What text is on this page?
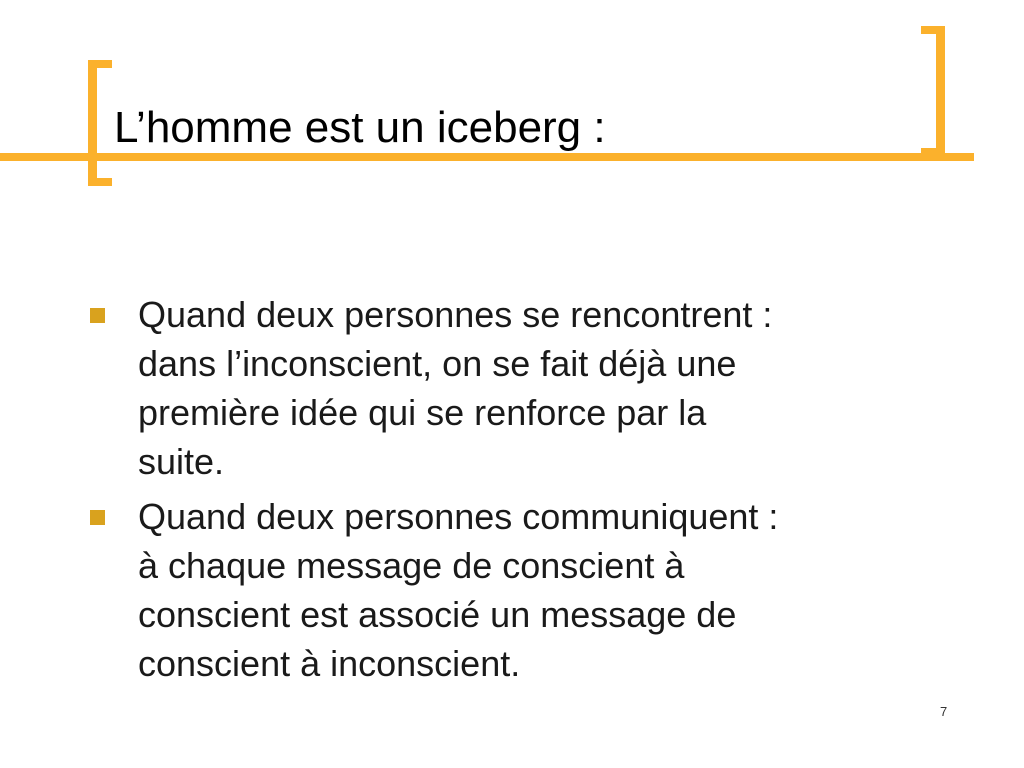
L’homme est un iceberg :
Quand deux personnes se rencontrent :
dans l’inconscient, on se fait déjà une
première idée qui se renforce par la
suite.
Quand deux personnes communiquent :
à chaque message de conscient à
conscient est associé un message de
conscient à inconscient.
7
